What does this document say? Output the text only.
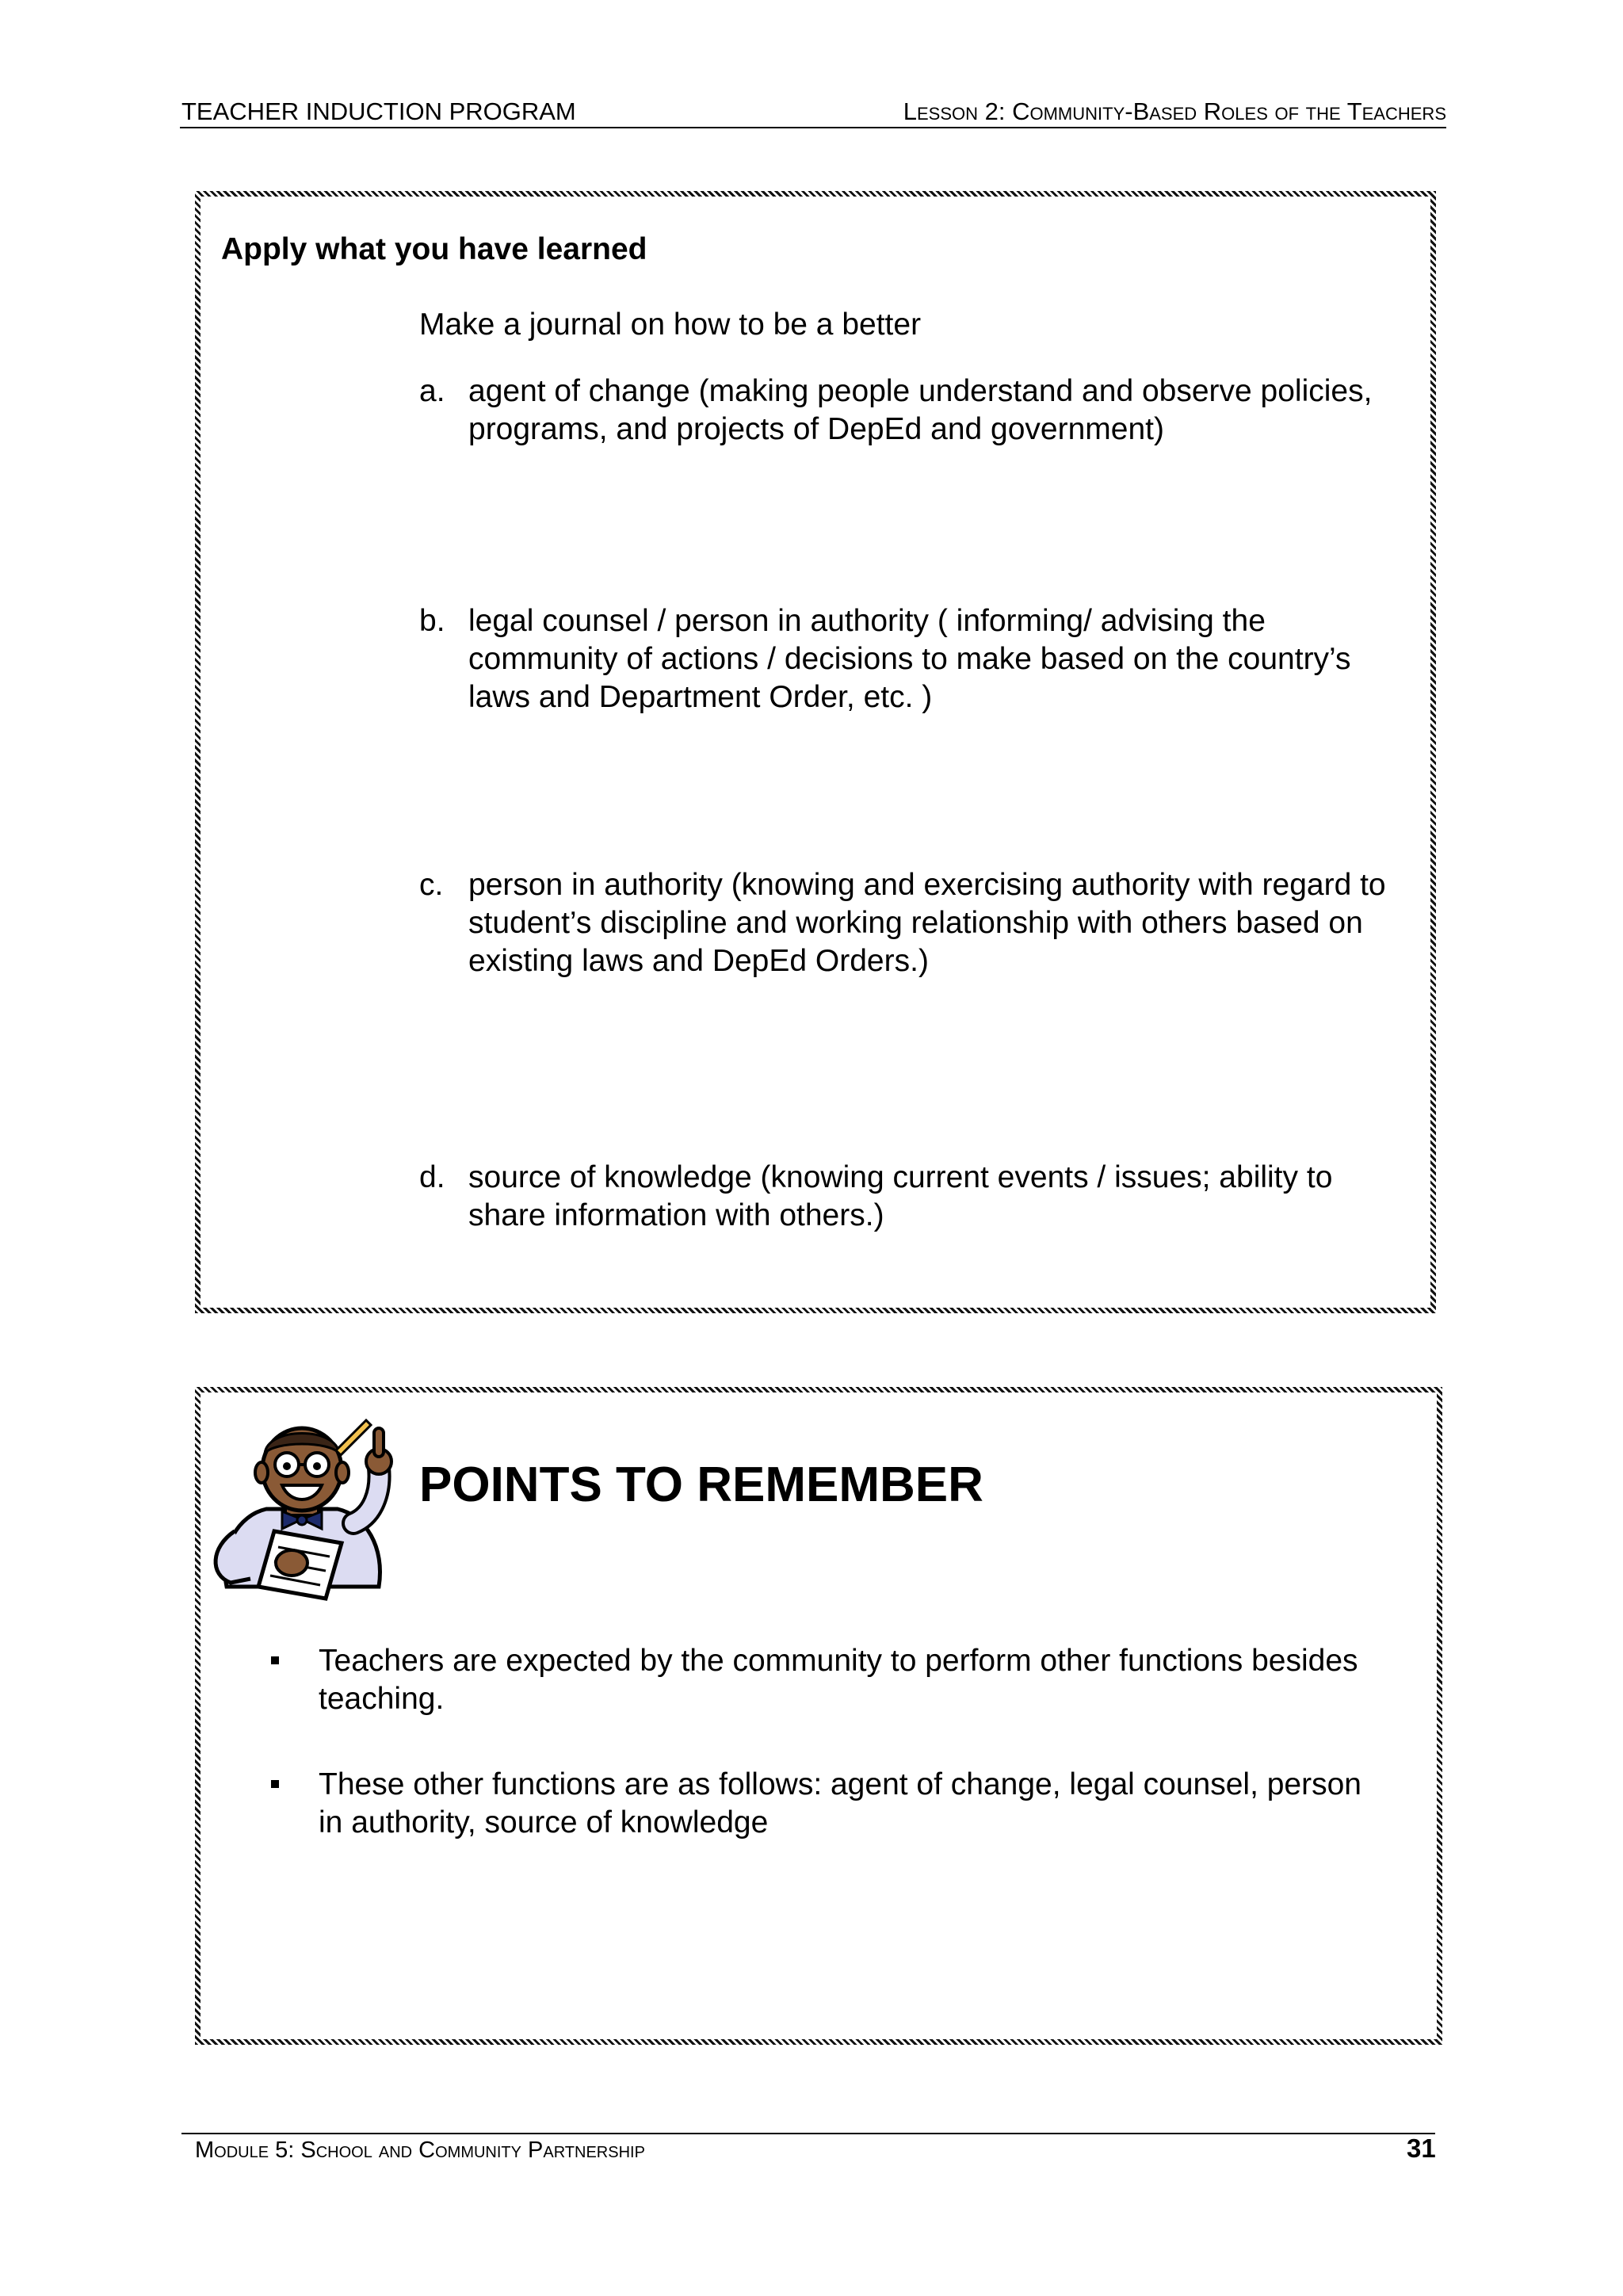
TEACHER INDUCTION PROGRAM	Lesson 2: Community-Based Roles of the Teachers
Apply what you have learned
Make a journal on how to be a better
a. agent of change (making people understand and observe policies, programs, and projects of DepEd and government)
b. legal counsel / person in authority ( informing/ advising the community of actions / decisions to make based on the country’s laws and Department Order, etc. )
c. person in authority (knowing and exercising authority with regard to student’s discipline and working relationship with others based on existing laws and DepEd Orders.)
d. source of knowledge (knowing current events / issues; ability to share information with others.)
POINTS TO REMEMBER
Teachers are expected by the community to perform other functions besides teaching.
These other functions are as follows: agent of change, legal counsel, person in authority, source of knowledge
Module 5: School and Community Partnership	31
